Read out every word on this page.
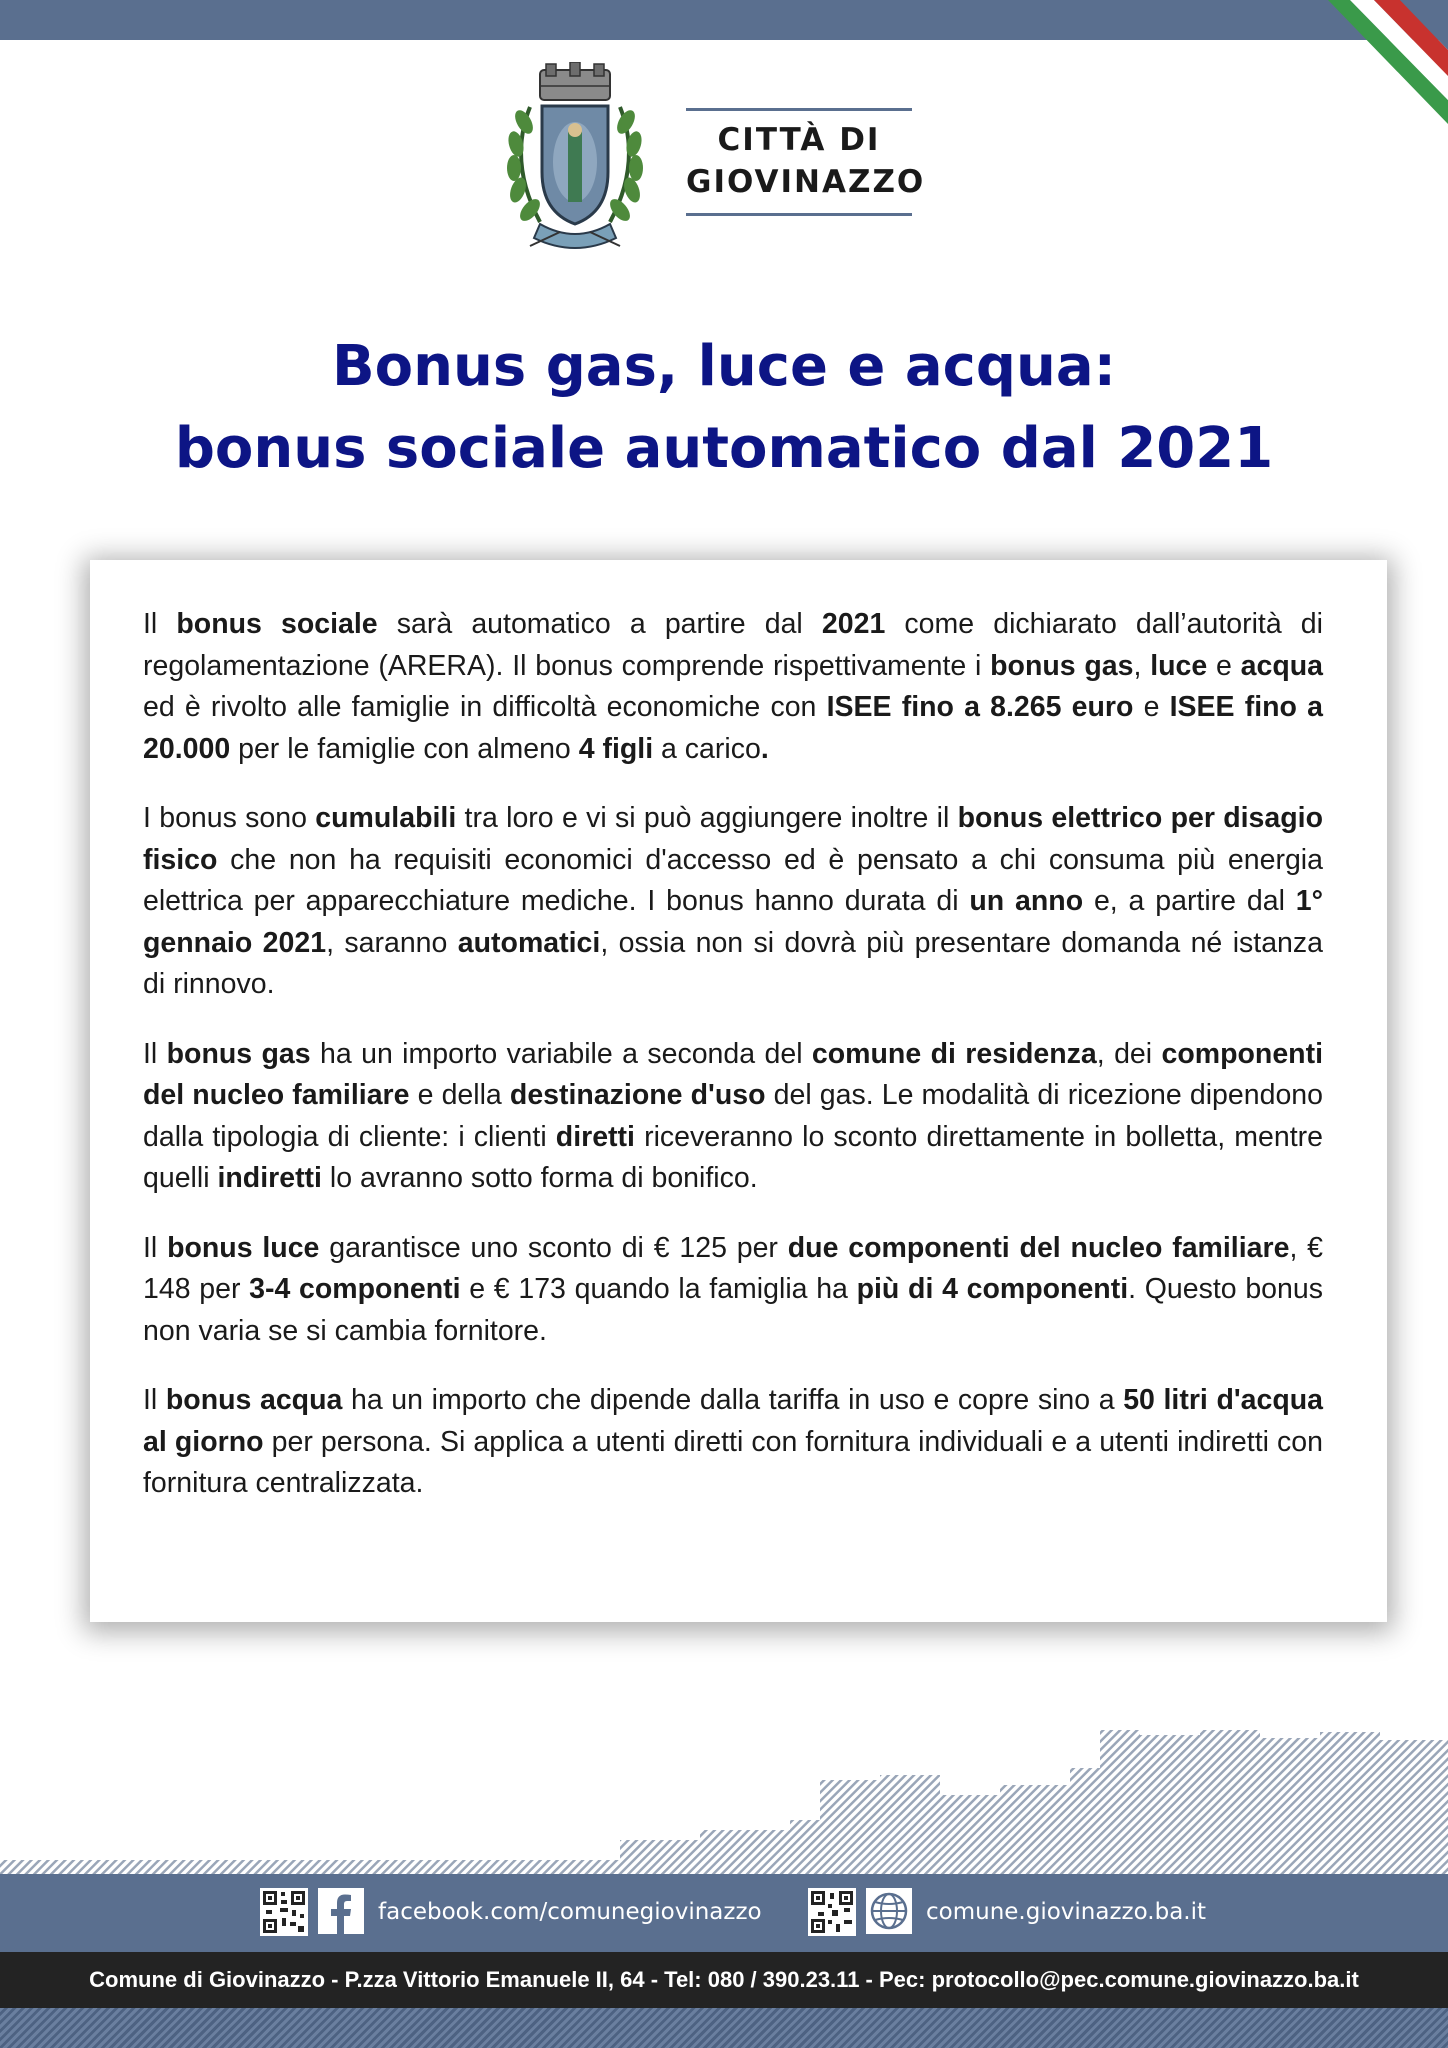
CITTÀ DI
GIOVINAZZO
Bonus gas, luce e acqua:
bonus sociale automatico dal 2021

Il bonus sociale sarà automatico a partire dal 2021 come dichiarato dall’autorità di regolamentazione (ARERA). Il bonus comprende rispettivamente i bonus gas, luce e acqua ed è rivolto alle famiglie in difficoltà economiche con ISEE fino a 8.265 euro e ISEE fino a 20.000 per le famiglie con almeno 4 figli a carico.

I bonus sono cumulabili tra loro e vi si può aggiungere inoltre il bonus elettrico per disagio fisico che non ha requisiti economici d'accesso ed è pensato a chi consuma più energia elettrica per apparecchiature mediche. I bonus hanno durata di un anno e, a partire dal 1° gennaio 2021, saranno automatici, ossia non si dovrà più presentare domanda né istanza di rinnovo.

Il bonus gas ha un importo variabile a seconda del comune di residenza, dei componenti del nucleo familiare e della destinazione d'uso del gas. Le modalità di ricezione dipendono dalla tipologia di cliente: i clienti diretti riceveranno lo sconto direttamente in bolletta, mentre quelli indiretti lo avranno sotto forma di bonifico.

Il bonus luce garantisce uno sconto di € 125 per due componenti del nucleo familiare, € 148 per 3-4 componenti e € 173 quando la famiglia ha più di 4 componenti. Questo bonus non varia se si cambia fornitore.

Il bonus acqua ha un importo che dipende dalla tariffa in uso e copre sino a 50 litri d'acqua al giorno per persona. Si applica a utenti diretti con fornitura individuali e a utenti indiretti con fornitura centralizzata.

facebook.com/comunegiovinazzo	comune.giovinazzo.ba.it
Comune di Giovinazzo - P.zza Vittorio Emanuele II, 64 - Tel: 080 / 390.23.11 - Pec: protocollo@pec.comune.giovinazzo.ba.it
